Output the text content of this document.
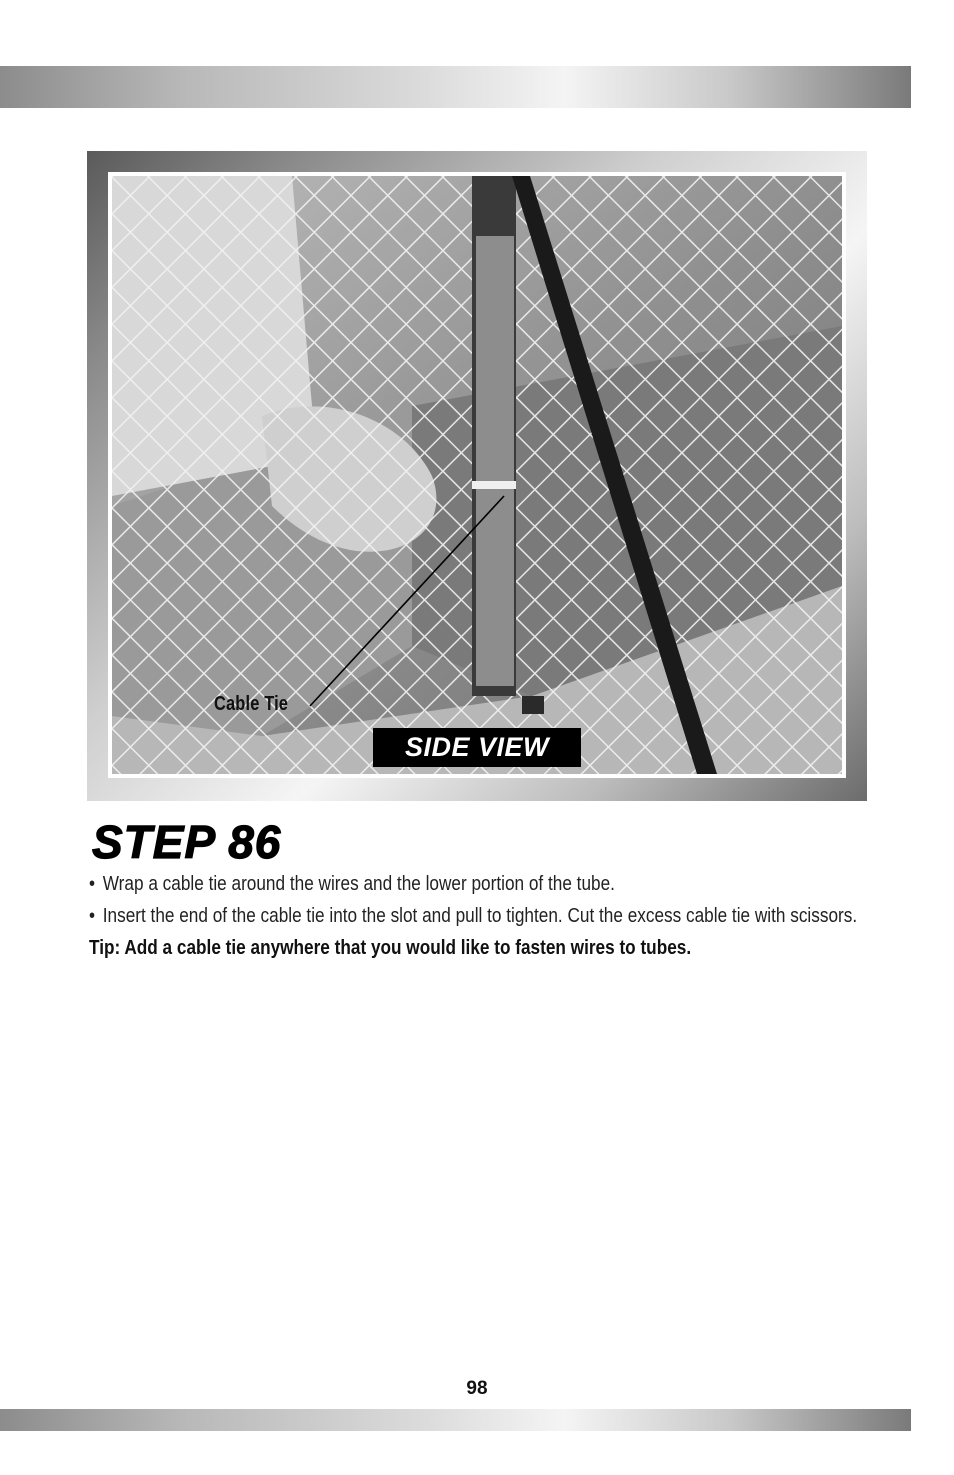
Cable Tie
SIDE VIEW
STEP 86
• Wrap a cable tie around the wires and the lower portion of the tube.
• Insert the end of the cable tie into the slot and pull to tighten. Cut the excess cable tie with scissors.
Tip: Add a cable tie anywhere that you would like to fasten wires to tubes.
98
